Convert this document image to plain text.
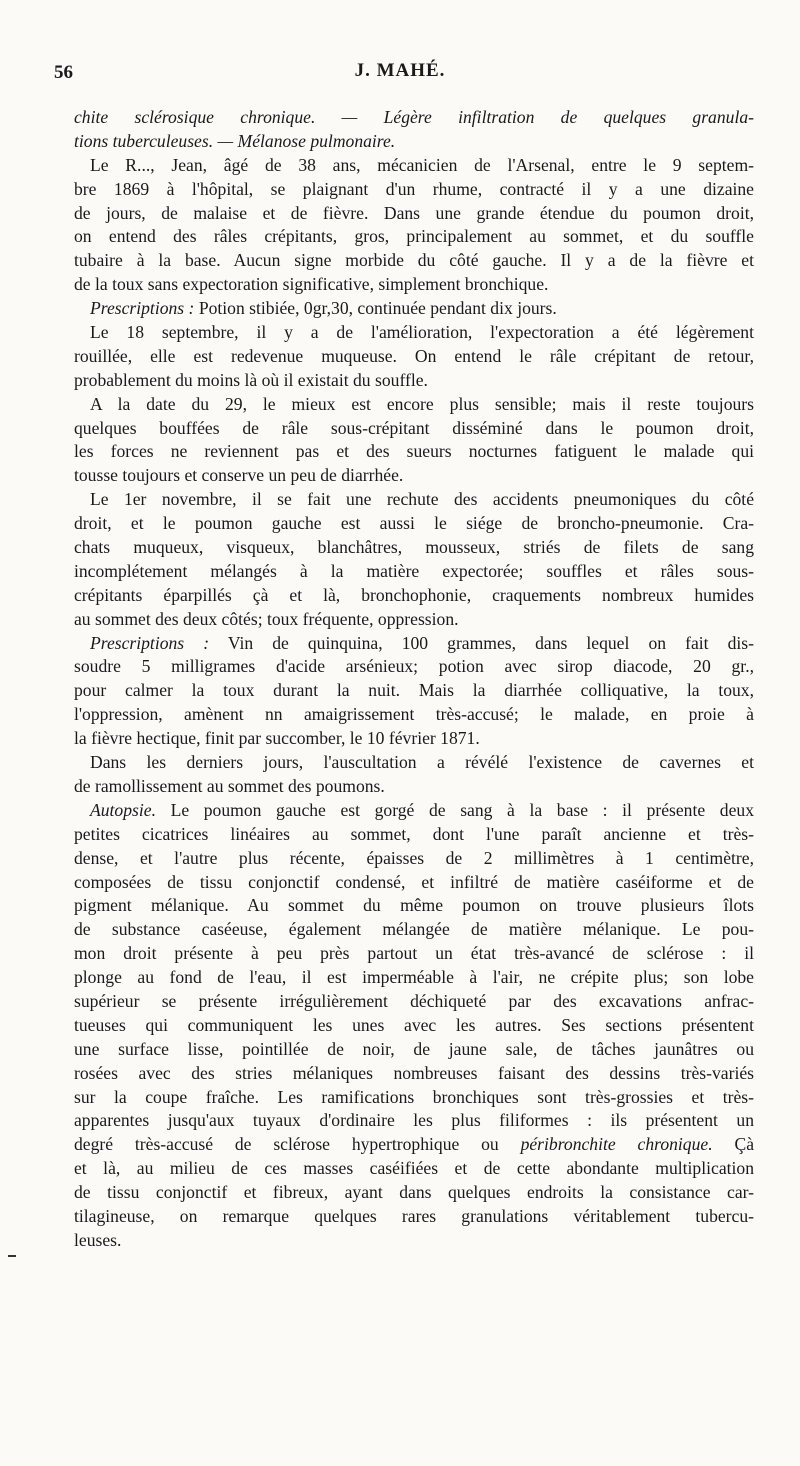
56	J. MAHÉ.
chite sclérosique chronique. — Légère infiltration de quelques granula-
tions tuberculeuses. — Mélanose pulmonaire.
Le R..., Jean, âgé de 38 ans, mécanicien de l'Arsenal, entre le 9 septem-
bre 1869 à l'hôpital, se plaignant d'un rhume, contracté il y a une dizaine
de jours, de malaise et de fièvre. Dans une grande étendue du poumon droit,
on entend des râles crépitants, gros, principalement au sommet, et du souffle
tubaire à la base. Aucun signe morbide du côté gauche. Il y a de la fièvre et
de la toux sans expectoration significative, simplement bronchique.
Prescriptions : Potion stibiée, 0gr,30, continuée pendant dix jours.
Le 18 septembre, il y a de l'amélioration, l'expectoration a été légèrement
rouillée, elle est redevenue muqueuse. On entend le râle crépitant de retour,
probablement du moins là où il existait du souffle.
A la date du 29, le mieux est encore plus sensible; mais il reste toujours
quelques bouffées de râle sous-crépitant disséminé dans le poumon droit,
les forces ne reviennent pas et des sueurs nocturnes fatiguent le malade qui
tousse toujours et conserve un peu de diarrhée.
Le 1er novembre, il se fait une rechute des accidents pneumoniques du côté
droit, et le poumon gauche est aussi le siége de broncho-pneumonie. Cra-
chats muqueux, visqueux, blanchâtres, mousseux, striés de filets de sang
incomplétement mélangés à la matière expectorée; souffles et râles sous-
crépitants éparpillés çà et là, bronchophonie, craquements nombreux humides
au sommet des deux côtés; toux fréquente, oppression.
Prescriptions : Vin de quinquina, 100 grammes, dans lequel on fait dis-
soudre 5 milligrames d'acide arsénieux; potion avec sirop diacode, 20 gr.,
pour calmer la toux durant la nuit. Mais la diarrhée colliquative, la toux,
l'oppression, amènent nn amaigrissement très-accusé; le malade, en proie à
la fièvre hectique, finit par succomber, le 10 février 1871.
Dans les derniers jours, l'auscultation a révélé l'existence de cavernes et
de ramollissement au sommet des poumons.
Autopsie. Le poumon gauche est gorgé de sang à la base : il présente deux
petites cicatrices linéaires au sommet, dont l'une paraît ancienne et très-
dense, et l'autre plus récente, épaisses de 2 millimètres à 1 centimètre,
composées de tissu conjonctif condensé, et infiltré de matière caséiforme et de
pigment mélanique. Au sommet du même poumon on trouve plusieurs îlots
de substance caséeuse, également mélangée de matière mélanique. Le pou-
mon droit présente à peu près partout un état très-avancé de sclérose : il
plonge au fond de l'eau, il est imperméable à l'air, ne crépite plus; son lobe
supérieur se présente irrégulièrement déchiqueté par des excavations anfrac-
tueuses qui communiquent les unes avec les autres. Ses sections présentent
une surface lisse, pointillée de noir, de jaune sale, de tâches jaunâtres ou
rosées avec des stries mélaniques nombreuses faisant des dessins très-variés
sur la coupe fraîche. Les ramifications bronchiques sont très-grossies et très-
apparentes jusqu'aux tuyaux d'ordinaire les plus filiformes : ils présentent un
degré très-accusé de sclérose hypertrophique ou péribronchite chronique. Çà
et là, au milieu de ces masses caséifiées et de cette abondante multiplication
de tissu conjonctif et fibreux, ayant dans quelques endroits la consistance car-
tilagineuse, on remarque quelques rares granulations véritablement tubercu-
leuses.
